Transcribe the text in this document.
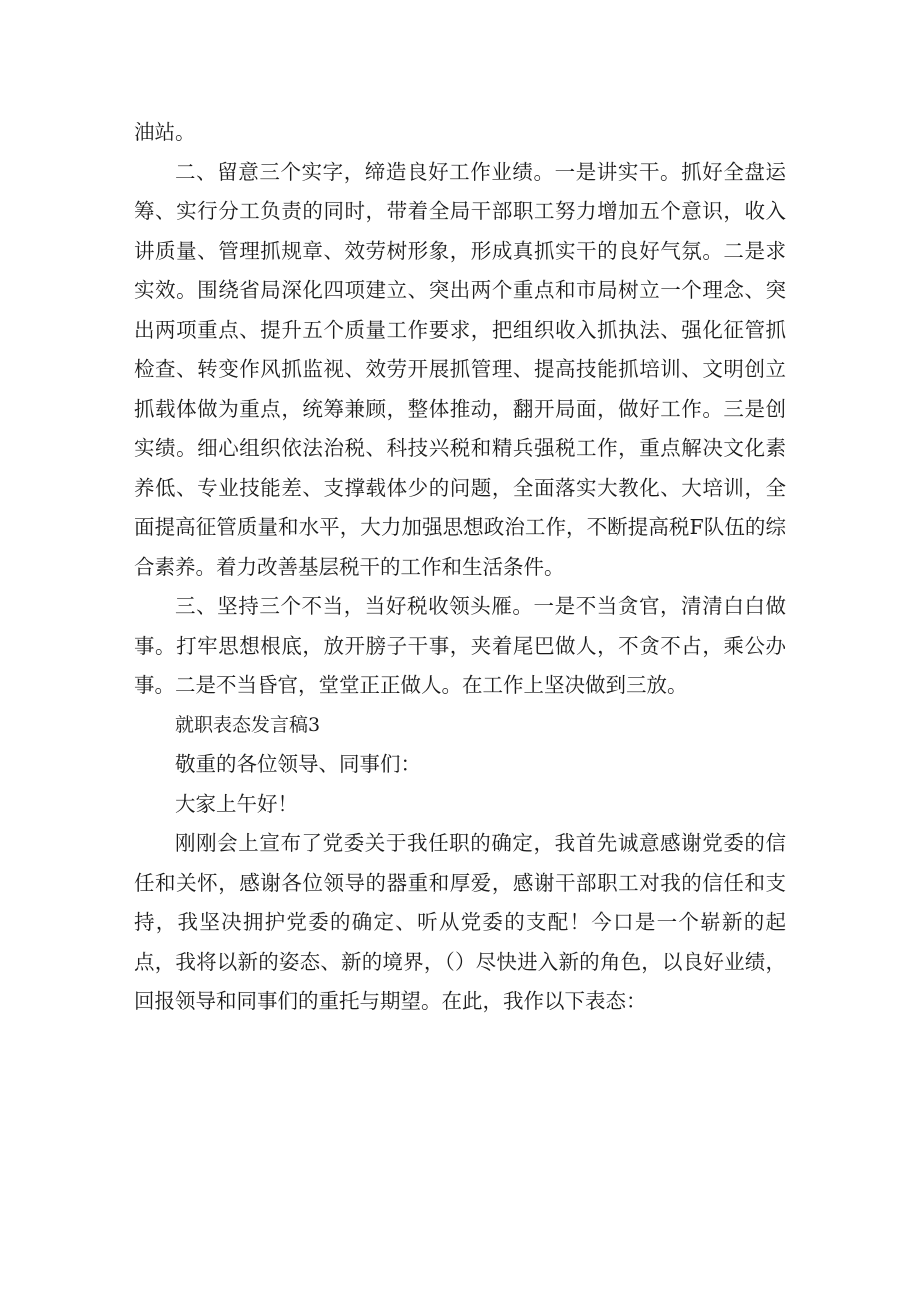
油站。

二、留意三个实字，缔造良好工作业绩。一是讲实干。抓好全盘运筹、实行分工负责的同时，带着全局干部职工努力增加五个意识，收入讲质量、管理抓规章、效劳树形象，形成真抓实干的良好气氛。二是求实效。围绕省局深化四项建立、突出两个重点和市局树立一个理念、突出两项重点、提升五个质量工作要求，把组织收入抓执法、强化征管抓检查、转变作风抓监视、效劳开展抓管理、提高技能抓培训、文明创立抓载体做为重点，统筹兼顾，整体推动，翻开局面，做好工作。三是创实绩。细心组织依法治税、科技兴税和精兵强税工作，重点解决文化素养低、专业技能差、支撑载体少的问题，全面落实大教化、大培训，全面提高征管质量和水平，大力加强思想政治工作，不断提高税F队伍的综合素养。着力改善基层税干的工作和生活条件。

三、坚持三个不当，当好税收领头雁。一是不当贪官，清清白白做事。打牢思想根底，放开膀子干事，夹着尾巴做人，不贪不占，乘公办事。二是不当昏官，堂堂正正做人。在工作上坚决做到三放。

就职表态发言稿3

敬重的各位领导、同事们：

大家上午好！

刚刚会上宣布了党委关于我任职的确定，我首先诚意感谢党委的信任和关怀，感谢各位领导的器重和厚爱，感谢干部职工对我的信任和支持，我坚决拥护党委的确定、听从党委的支配！今口是一个崭新的起点，我将以新的姿态、新的境界，（）尽快进入新的角色，以良好业绩，回报领导和同事们的重托与期望。在此，我作以下表态：
